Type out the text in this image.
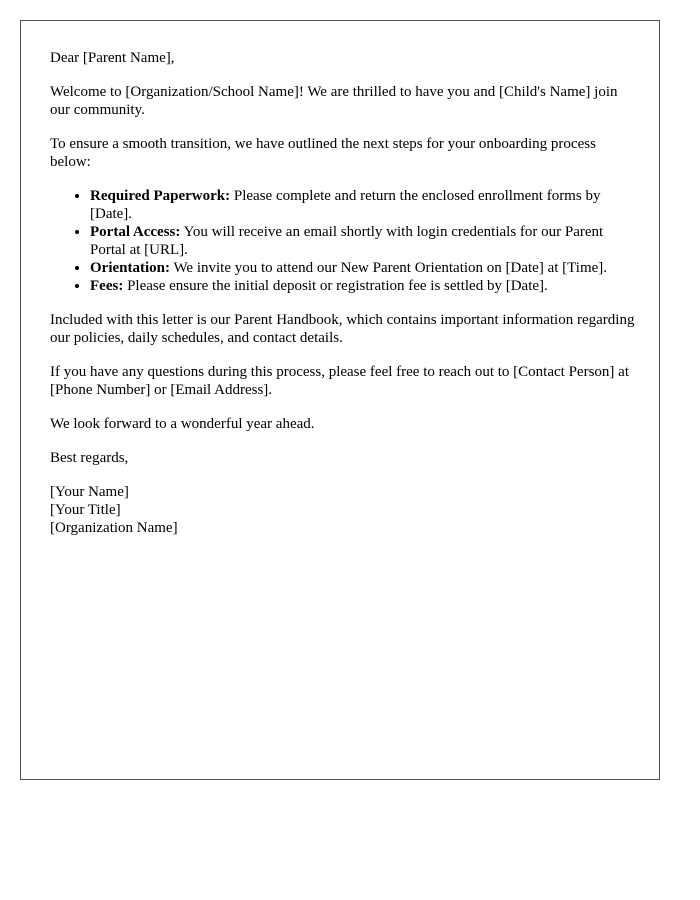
Dear [Parent Name],

Welcome to [Organization/School Name]! We are thrilled to have you and [Child's Name] join our community.

To ensure a smooth transition, we have outlined the next steps for your onboarding process below:

• Required Paperwork: Please complete and return the enclosed enrollment forms by [Date].
• Portal Access: You will receive an email shortly with login credentials for our Parent Portal at [URL].
• Orientation: We invite you to attend our New Parent Orientation on [Date] at [Time].
• Fees: Please ensure the initial deposit or registration fee is settled by [Date].

Included with this letter is our Parent Handbook, which contains important information regarding our policies, daily schedules, and contact details.

If you have any questions during this process, please feel free to reach out to [Contact Person] at [Phone Number] or [Email Address].

We look forward to a wonderful year ahead.

Best regards,

[Your Name]
[Your Title]
[Organization Name]
